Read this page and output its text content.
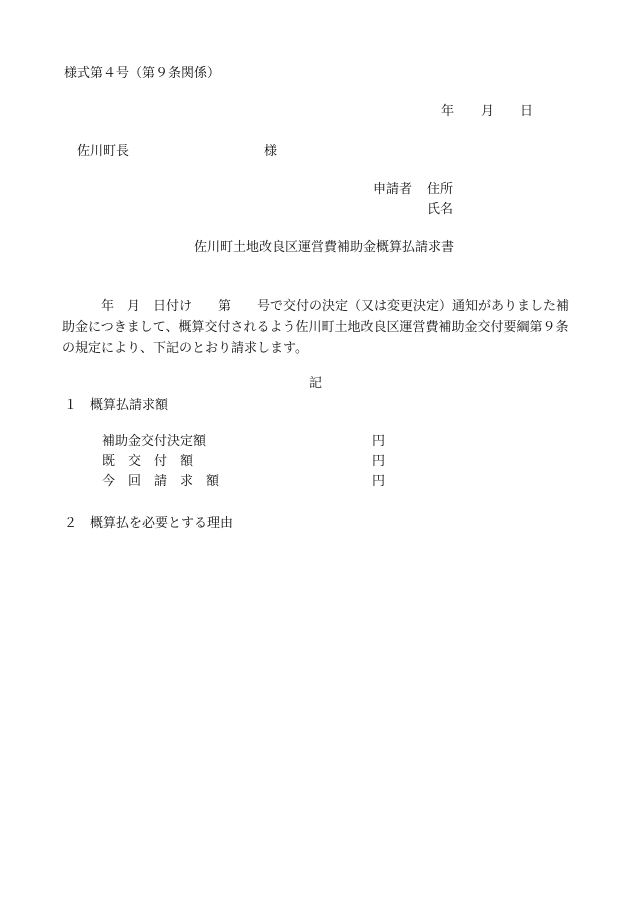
様式第４号（第９条関係）
年 月 日
佐川町長	様
申請者 住所
氏名
佐川町土地改良区運営費補助金概算払請求書
年　月　日付け　　第　　号で交付の決定（又は変更決定）通知がありました補助金につきまして、概算交付されるよう佐川町土地改良区運営費補助金交付要綱第９条の規定により、下記のとおり請求します。
記
１　概算払請求額
補助金交付決定額	円
既　交　付　額	円
今　回　請　求　額	円
２　概算払を必要とする理由
